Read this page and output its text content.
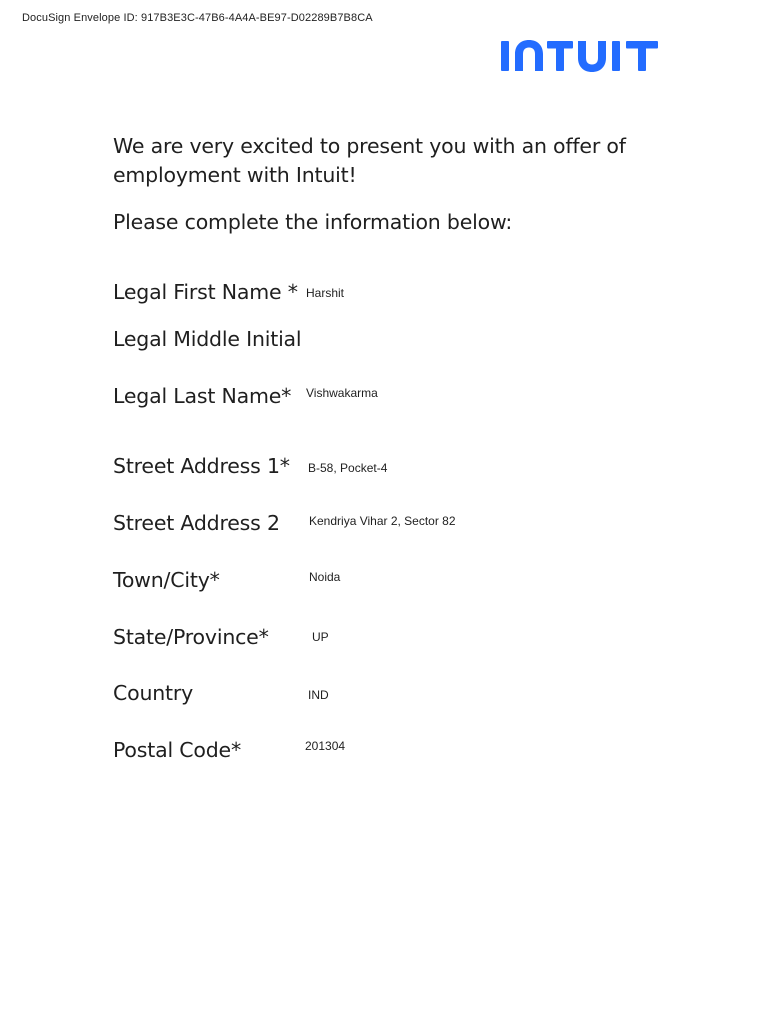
DocuSign Envelope ID: 917B3E3C-47B6-4A4A-BE97-D02289B7B8CA
We are very excited to present you with an offer of
employment with Intuit!
Please complete the information below:
Legal First Name * Harshit
Legal Middle Initial
Legal Last Name* Vishwakarma
Street Address 1* B-58, Pocket-4
Street Address 2 Kendriya Vihar 2, Sector 82
Town/City*	Noida
State/Province*	UP
Country	IND
Postal Code*	201304
